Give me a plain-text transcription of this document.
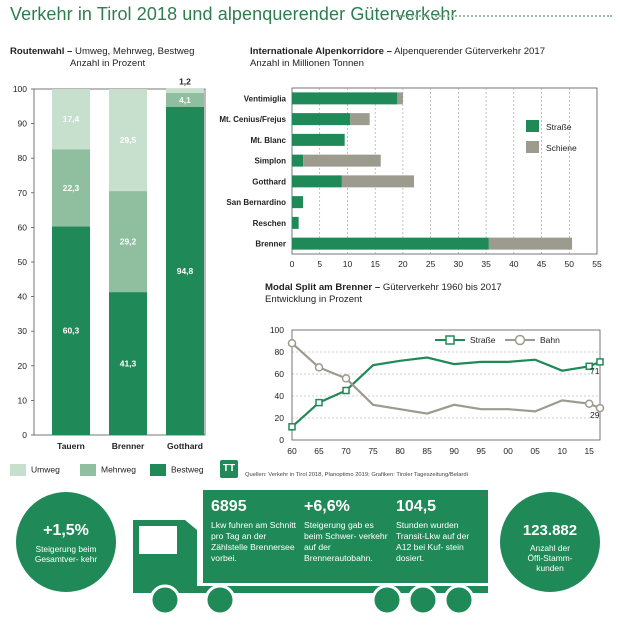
Verkehr in Tirol 2018 und alpenquerender Güterverkehr
Routenwahl – Umweg, Mehrweg, Bestweg
Anzahl in Prozent
Internationale Alpenkorridore – Alpenquerender Güterverkehr 2017
Anzahl in Millionen Tonnen
Modal Split am Brenner – Güterverkehr 1960 bis 2017
Entwicklung in Prozent
0
10
20
30
40
50
60
70
80
90
100
60,3
22,3
17,4
Tauern
41,3
29,2
29,5
Brenner
94,8
4,1
1,2
Gotthard
0	5 10 15 20 25 30 35 40 45 50 55
Ventimiglia
Mt. Cenius/Frejus
Mt. Blanc
Simplon
Gotthard
San Bernardino
Reschen
Brenner
Straße
Schiene
0
20
40
60
80
100
60 65 70 75 80 85 90 95 00 05 10 15
71
29
Straße	Bahn
Umweg	Mehrweg	Bestweg TT
Quellen: Verkehr in Tirol 2018, Planoptimo 2019; Grafiken: Tiroler Tageszeitung/Belardi
+1,5%
Steigerung beim Gesamtver- kehr
6895
Lkw fuhren am Schnitt pro Tag an der Zählstelle Brennersee vorbei.
+6,6%
Steigerung gab es beim Schwer- verkehr auf der Brennerautobahn.
104,5
Stunden wurden Transit-Lkw auf der A12 bei Kuf- stein dosiert.
123.882
Anzahl der Öffi-Stamm- kunden
